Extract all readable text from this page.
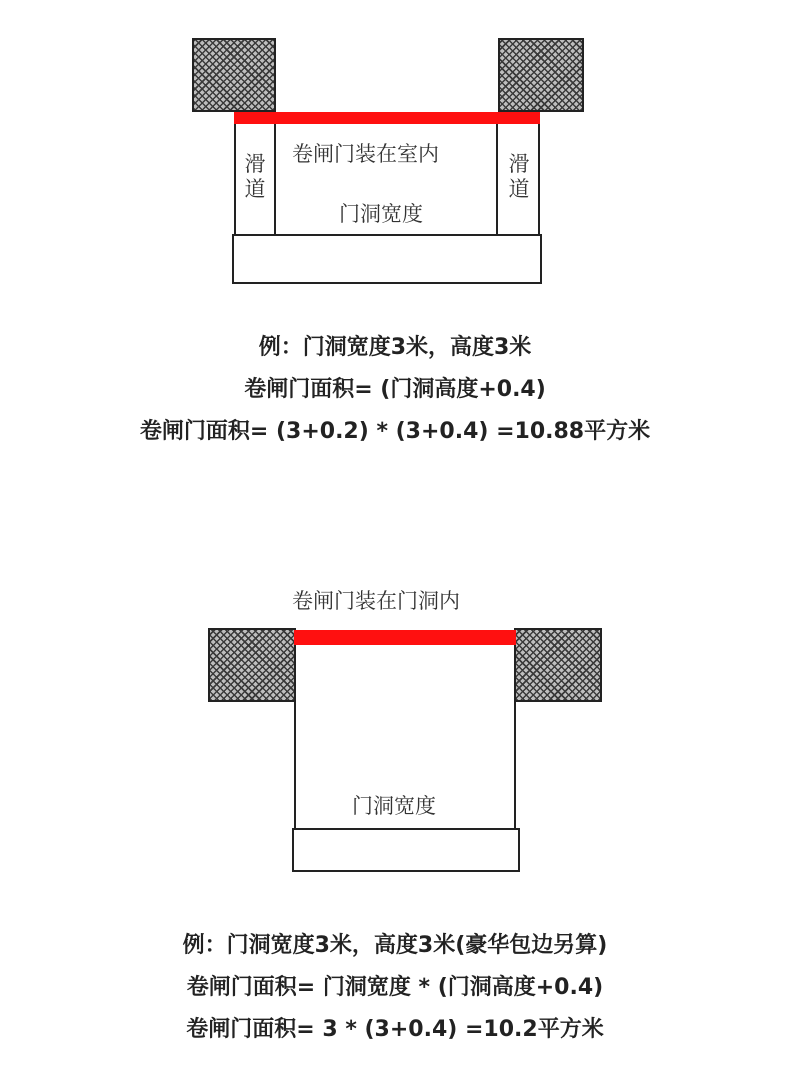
滑道
滑道
卷闸门装在室内
门洞宽度
例：门洞宽度3米，高度3米
卷闸门面积= (门洞高度+0.4)
卷闸门面积= (3+0.2) * (3+0.4) =10.88平方米
卷闸门装在门洞内
门洞宽度
例：门洞宽度3米，高度3米(豪华包边另算)
卷闸门面积= 门洞宽度 * (门洞高度+0.4)
卷闸门面积= 3 * (3+0.4) =10.2平方米
